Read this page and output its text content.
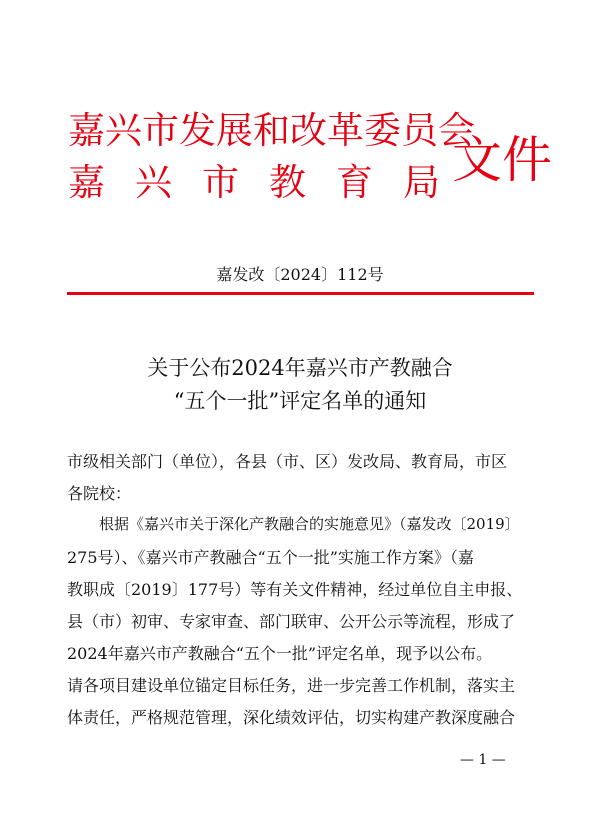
嘉兴市发展和改革委员会
嘉 兴 市 教 育 局 文件
嘉发改〔2024〕112号
关于公布2024年嘉兴市产教融合
“五个一批”评定名单的通知
市级相关部门（单位），各县（市、区）发改局、教育局，市区
各院校：
根据《嘉兴市关于深化产教融合的实施意见》（嘉发改〔2019〕
275号）、《嘉兴市产教融合“五个一批”实施工作方案》（嘉
教职成〔2019〕177号）等有关文件精神，经过单位自主申报、
县（市）初审、专家审查、部门联审、公开公示等流程，形成了
2024年嘉兴市产教融合“五个一批”评定名单，现予以公布。
请各项目建设单位锚定目标任务，进一步完善工作机制，落实主
体责任，严格规范管理，深化绩效评估，切实构建产教深度融合
— 1 —
